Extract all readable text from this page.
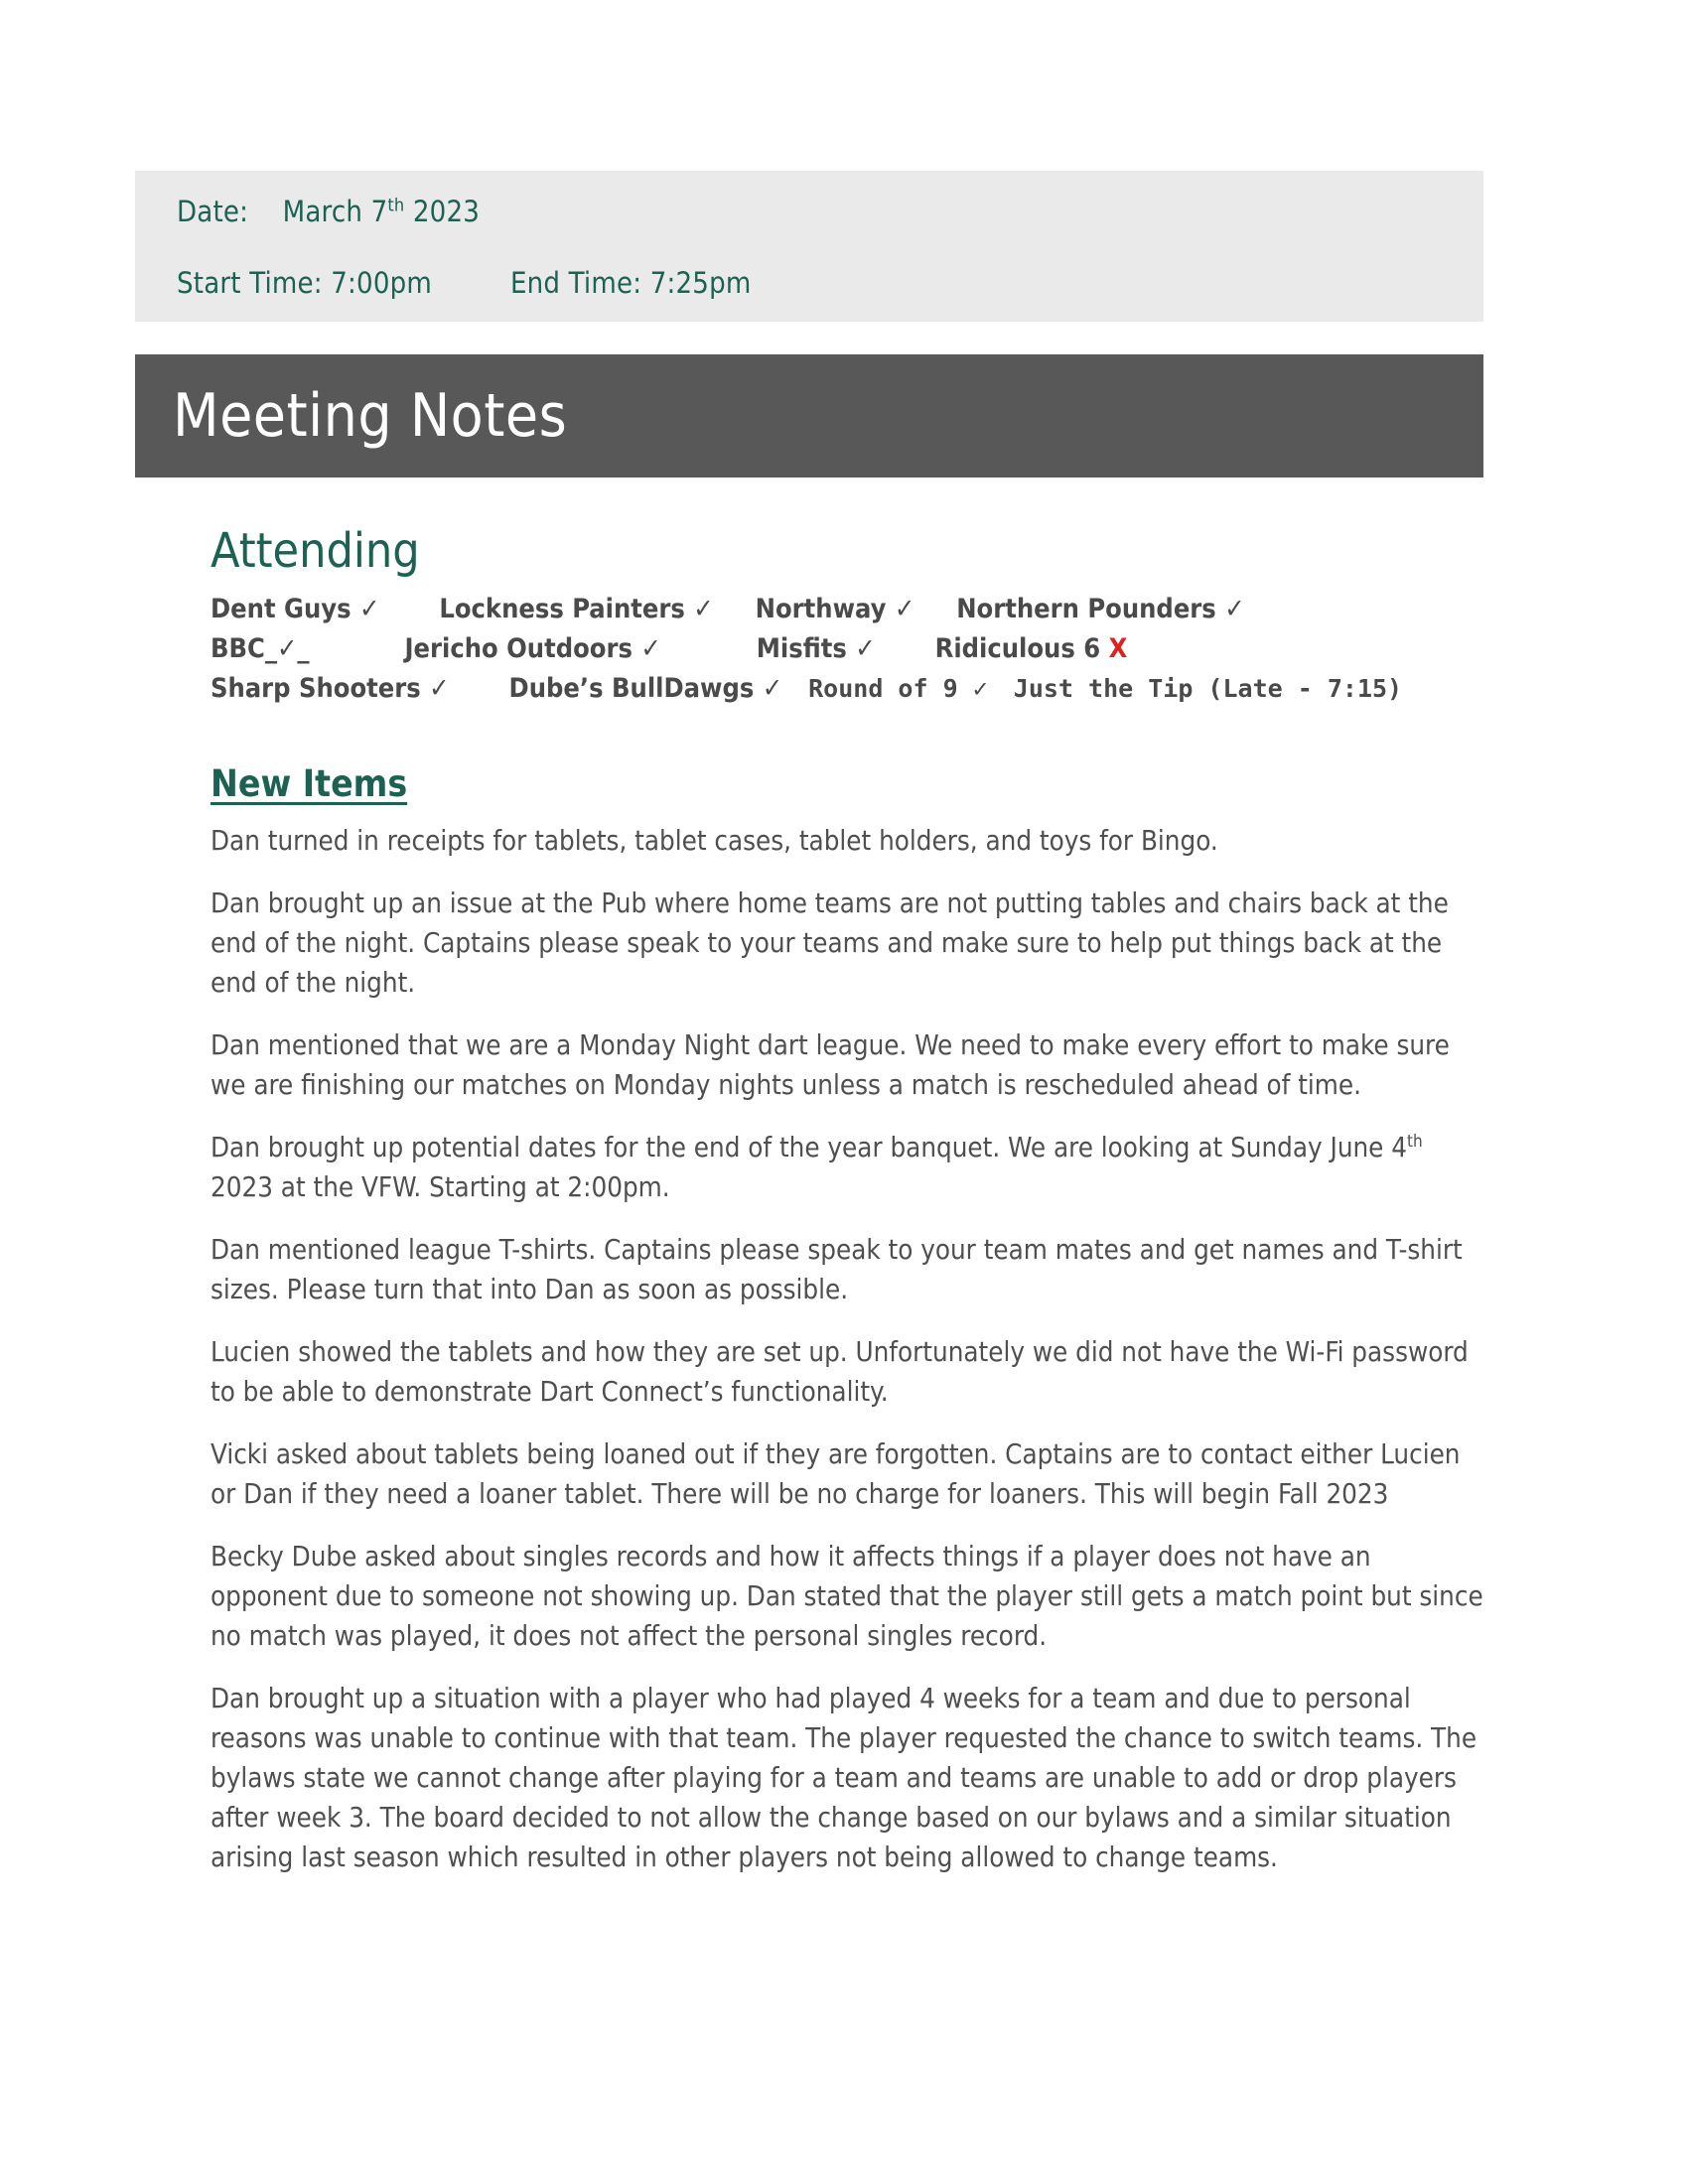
Date: March 7th 2023
Start Time: 7:00pm	End Time: 7:25pm
Meeting Notes
Attending
Dent Guys ✓ Lockness Painters ✓ Northway ✓ Northern Pounders ✓
BBC_✓_	Jericho Outdoors ✓	Misfits ✓ Ridiculous 6 X
Sharp Shooters ✓ Dube’s BullDawgs ✓ Round of 9 ✓ Just the Tip (Late - 7:15)
New Items

Dan turned in receipts for tablets, tablet cases, tablet holders, and toys for Bingo.

Dan brought up an issue at the Pub where home teams are not putting tables and chairs back at the end of the night. Captains please speak to your teams and make sure to help put things back at the end of the night.

Dan mentioned that we are a Monday Night dart league. We need to make every effort to make sure we are finishing our matches on Monday nights unless a match is rescheduled ahead of time.

Dan brought up potential dates for the end of the year banquet. We are looking at Sunday June 4th 2023 at the VFW. Starting at 2:00pm.

Dan mentioned league T-shirts. Captains please speak to your team mates and get names and T-shirt sizes. Please turn that into Dan as soon as possible.

Lucien showed the tablets and how they are set up. Unfortunately we did not have the Wi-Fi password to be able to demonstrate Dart Connect’s functionality.

Vicki asked about tablets being loaned out if they are forgotten. Captains are to contact either Lucien or Dan if they need a loaner tablet. There will be no charge for loaners. This will begin Fall 2023

Becky Dube asked about singles records and how it affects things if a player does not have an opponent due to someone not showing up. Dan stated that the player still gets a match point but since no match was played, it does not affect the personal singles record.

Dan brought up a situation with a player who had played 4 weeks for a team and due to personal reasons was unable to continue with that team. The player requested the chance to switch teams. The bylaws state we cannot change after playing for a team and teams are unable to add or drop players after week 3. The board decided to not allow the change based on our bylaws and a similar situation arising last season which resulted in other players not being allowed to change teams.
